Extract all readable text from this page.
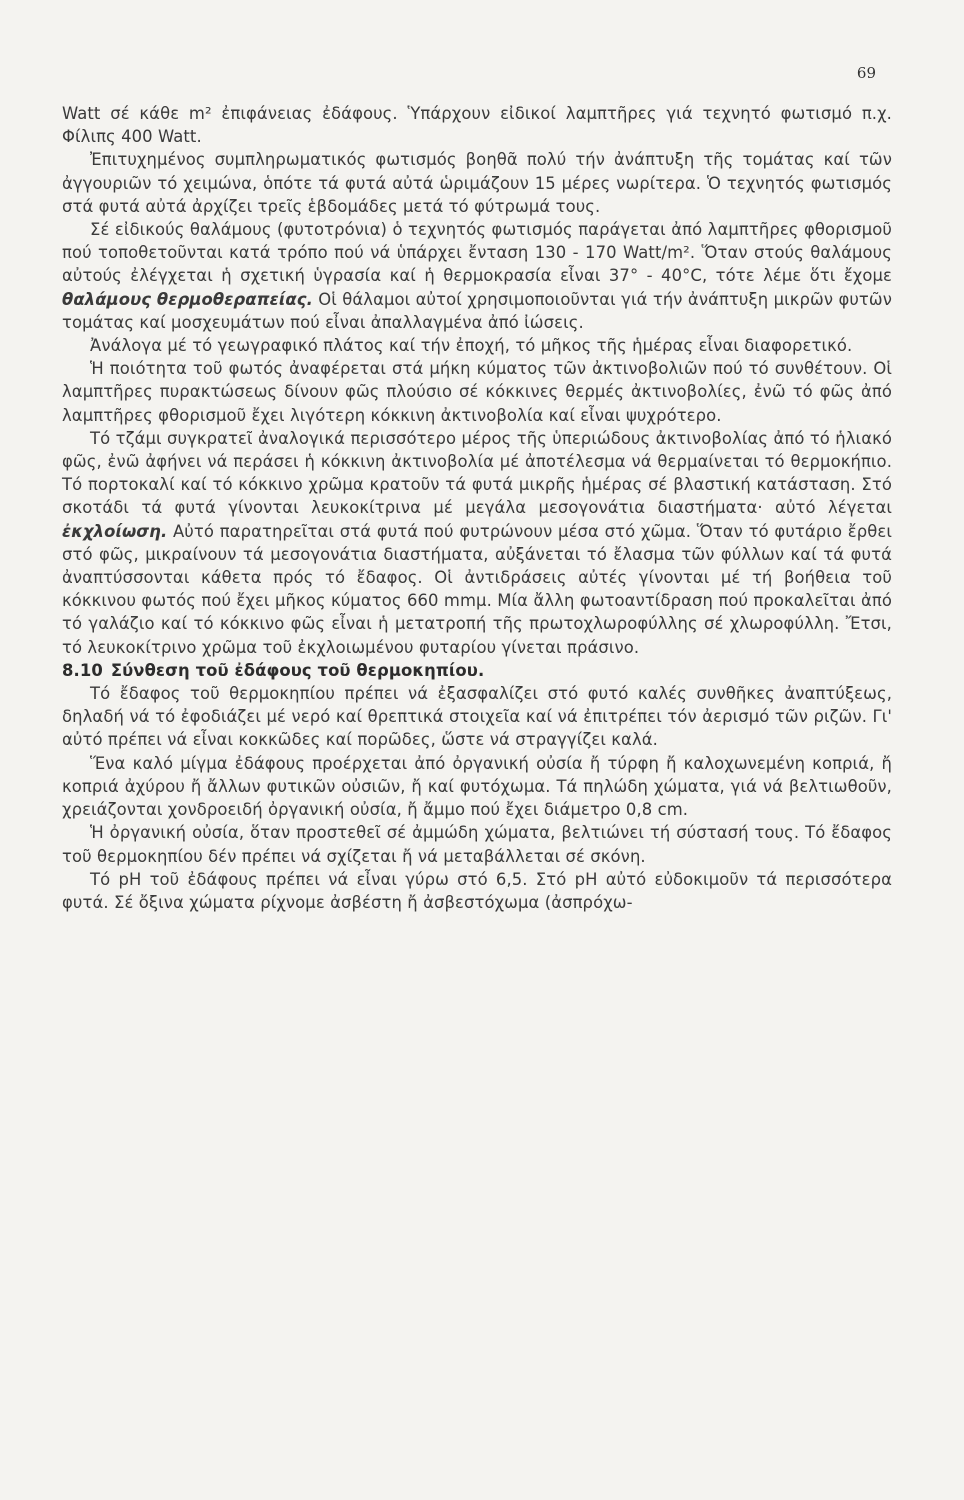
69

Watt σέ κάθε m² ἐπιφάνειας ἐδάφους. Ὑπάρχουν εἰδικοί λαμπτῆρες γιά τεχνητό φωτισμό π.χ. Φίλιπς 400 Watt.

Ἐπιτυχημένος συμπληρωματικός φωτισμός βοηθᾶ πολύ τήν ἀνάπτυξη τῆς τομάτας καί τῶν ἀγγουριῶν τό χειμώνα, ὁπότε τά φυτά αὐτά ὡριμάζουν 15 μέρες νωρίτερα. Ὁ τεχνητός φωτισμός στά φυτά αὐτά ἀρχίζει τρεῖς ἑβδομάδες μετά τό φύτρωμά τους.

Σέ εἰδικούς θαλάμους (φυτοτρόνια) ὁ τεχνητός φωτισμός παράγεται ἀπό λαμπτῆρες φθορισμοῦ πού τοποθετοῦνται κατά τρόπο πού νά ὑπάρχει ἔνταση 130 - 170 Watt/m². Ὅταν στούς θαλάμους αὐτούς ἐλέγχεται ἡ σχετική ὑγρασία καί ἡ θερμοκρασία εἶναι 37° - 40°C, τότε λέμε ὅτι ἔχομε θαλάμους θερμοθεραπείας. Οἱ θάλαμοι αὐτοί χρησιμοποιοῦνται γιά τήν ἀνάπτυξη μικρῶν φυτῶν τομάτας καί μοσχευμάτων πού εἶναι ἀπαλλαγμένα ἀπό ἰώσεις.

Ἀνάλογα μέ τό γεωγραφικό πλάτος καί τήν ἐποχή, τό μῆκος τῆς ἡμέρας εἶναι διαφορετικό.

Ἡ ποιότητα τοῦ φωτός ἀναφέρεται στά μήκη κύματος τῶν ἀκτινοβολιῶν πού τό συνθέτουν. Οἱ λαμπτῆρες πυρακτώσεως δίνουν φῶς πλούσιο σέ κόκκινες θερμές ἀκτινοβολίες, ἐνῶ τό φῶς ἀπό λαμπτῆρες φθορισμοῦ ἔχει λιγότερη κόκκινη ἀκτινοβολία καί εἶναι ψυχρότερο.

Τό τζάμι συγκρατεῖ ἀναλογικά περισσότερο μέρος τῆς ὑπεριώδους ἀκτινοβολίας ἀπό τό ἡλιακό φῶς, ἐνῶ ἀφήνει νά περάσει ἡ κόκκινη ἀκτινοβολία μέ ἀποτέλεσμα νά θερμαίνεται τό θερμοκήπιο. Τό πορτοκαλί καί τό κόκκινο χρῶμα κρατοῦν τά φυτά μικρῆς ἡμέρας σέ βλαστική κατάσταση. Στό σκοτάδι τά φυτά γίνονται λευκοκίτρινα μέ μεγάλα μεσογονάτια διαστήματα· αὐτό λέγεται ἐκχλοίωση. Αὐτό παρατηρεῖται στά φυτά πού φυτρώνουν μέσα στό χῶμα. Ὅταν τό φυτάριο ἔρθει στό φῶς, μικραίνουν τά μεσογονάτια διαστήματα, αὐξάνεται τό ἔλασμα τῶν φύλλων καί τά φυτά ἀναπτύσσονται κάθετα πρός τό ἔδαφος. Οἱ ἀντιδράσεις αὐτές γίνονται μέ τή βοήθεια τοῦ κόκκινου φωτός πού ἔχει μῆκος κύματος 660 mmμ. Μία ἄλλη φωτοαντίδραση πού προκαλεῖται ἀπό τό γαλάζιο καί τό κόκκινο φῶς εἶναι ἡ μετατροπή τῆς πρωτοχλωροφύλλης σέ χλωροφύλλη. Ἔτσι, τό λευκοκίτρινο χρῶμα τοῦ ἐκχλοιωμένου φυταρίου γίνεται πράσινο.

8.10 Σύνθεση τοῦ ἐδάφους τοῦ θερμοκηπίου.

Τό ἔδαφος τοῦ θερμοκηπίου πρέπει νά ἐξασφαλίζει στό φυτό καλές συνθῆκες ἀναπτύξεως, δηλαδή νά τό ἐφοδιάζει μέ νερό καί θρεπτικά στοιχεῖα καί νά ἐπιτρέπει τόν ἀερισμό τῶν ριζῶν. Γι' αὐτό πρέπει νά εἶναι κοκκῶδες καί πορῶδες, ὥστε νά στραγγίζει καλά.

Ἕνα καλό μίγμα ἐδάφους προέρχεται ἀπό ὀργανική οὐσία ἤ τύρφη ἤ καλοχωνεμένη κοπριά, ἤ κοπριά ἀχύρου ἤ ἄλλων φυτικῶν οὐσιῶν, ἤ καί φυτόχωμα. Τά πηλώδη χώματα, γιά νά βελτιωθοῦν, χρειάζονται χονδροειδή ὀργανική οὐσία, ἤ ἄμμο πού ἔχει διάμετρο 0,8 cm.

Ἡ ὀργανική οὐσία, ὅταν προστεθεῖ σέ ἀμμώδη χώματα, βελτιώνει τή σύστασή τους. Τό ἔδαφος τοῦ θερμοκηπίου δέν πρέπει νά σχίζεται ἤ νά μεταβάλλεται σέ σκόνη.

Τό pH τοῦ ἐδάφους πρέπει νά εἶναι γύρω στό 6,5. Στό pH αὐτό εὐδοκιμοῦν τά περισσότερα φυτά. Σέ ὄξινα χώματα ρίχνομε ἀσβέστη ἤ ἀσβεστόχωμα (ἀσπρόχω-
